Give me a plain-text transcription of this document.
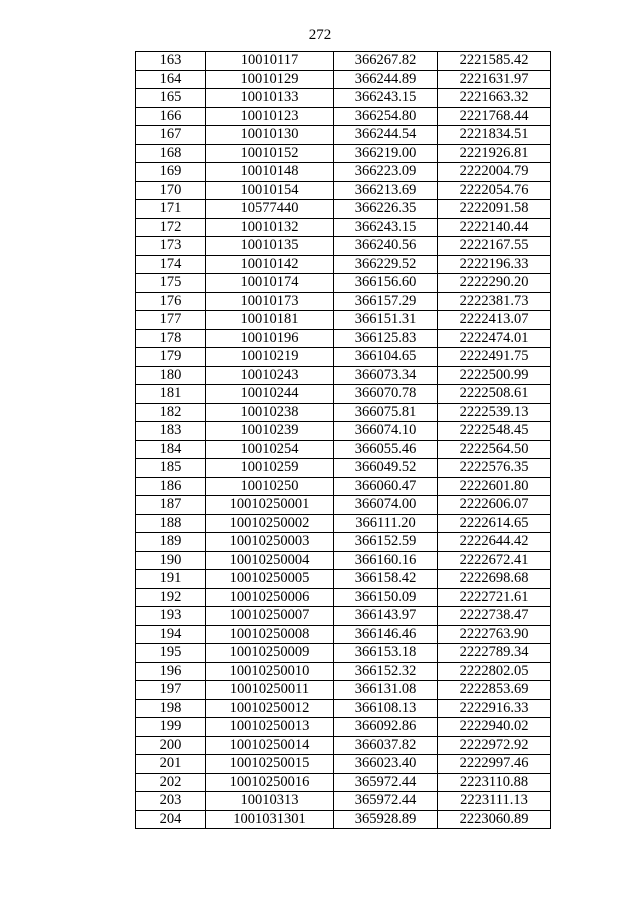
272
163	10010117	366267.82	2221585.42
164	10010129	366244.89	2221631.97
165	10010133	366243.15	2221663.32
166	10010123	366254.80	2221768.44
167	10010130	366244.54	2221834.51
168	10010152	366219.00	2221926.81
169	10010148	366223.09	2222004.79
170	10010154	366213.69	2222054.76
171	10577440	366226.35	2222091.58
172	10010132	366243.15	2222140.44
173	10010135	366240.56	2222167.55
174	10010142	366229.52	2222196.33
175	10010174	366156.60	2222290.20
176	10010173	366157.29	2222381.73
177	10010181	366151.31	2222413.07
178	10010196	366125.83	2222474.01
179	10010219	366104.65	2222491.75
180	10010243	366073.34	2222500.99
181	10010244	366070.78	2222508.61
182	10010238	366075.81	2222539.13
183	10010239	366074.10	2222548.45
184	10010254	366055.46	2222564.50
185	10010259	366049.52	2222576.35
186	10010250	366060.47	2222601.80
187	10010250001	366074.00	2222606.07
188	10010250002	366111.20	2222614.65
189	10010250003	366152.59	2222644.42
190	10010250004	366160.16	2222672.41
191	10010250005	366158.42	2222698.68
192	10010250006	366150.09	2222721.61
193	10010250007	366143.97	2222738.47
194	10010250008	366146.46	2222763.90
195	10010250009	366153.18	2222789.34
196	10010250010	366152.32	2222802.05
197	10010250011	366131.08	2222853.69
198	10010250012	366108.13	2222916.33
199	10010250013	366092.86	2222940.02
200	10010250014	366037.82	2222972.92
201	10010250015	366023.40	2222997.46
202	10010250016	365972.44	2223110.88
203	10010313	365972.44	2223111.13
204	1001031301	365928.89	2223060.89
